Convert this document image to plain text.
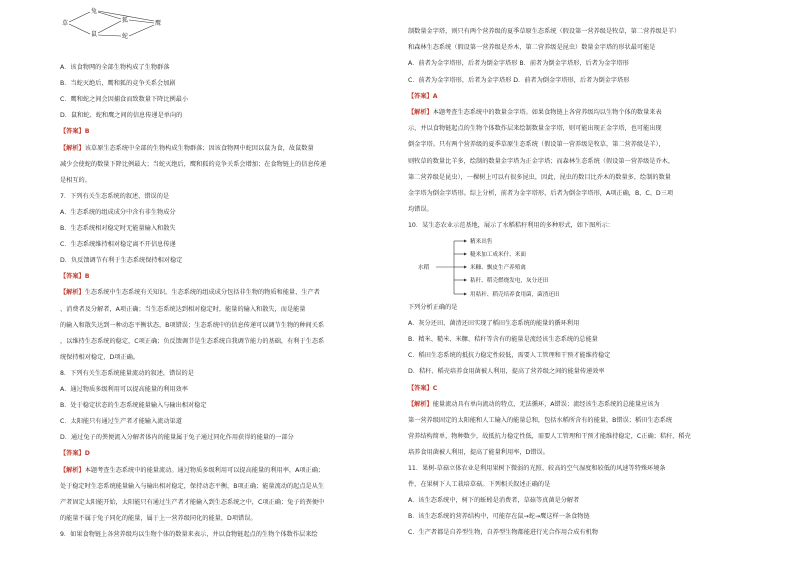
草
兔
鼠
狐
蛇
鹰
A．该食物网的全部生物构成了生物群落
B．当蛇灭绝后，鹰和狐的竞争关系会加剧
C．鹰和蛇之间会因捕食而致数量下降比例最小
D．鼠和蛇、蛇和鹰之间的信息传递是单向的
【答案】B
【解析】该草原生态系统中全部的生物构成生物群落；因该食物网中蛇因以鼠为食，故鼠数量
减少会使蛇的数量下降比例最大；当蛇灭绝后，鹰和狐的竞争关系会增加；在食物链上的信息传递
是相互的。
7．下列有关生态系统的叙述，错误的是
A．生态系统的组成成分中含有非生物成分
B．生态系统相对稳定时无能量输入和散失
C．生态系统维持相对稳定离不开信息传递
D．负反馈调节有利于生态系统保持相对稳定
【答案】B
【解析】生态系统中生态系统有关知识。生态系统的组成成分包括非生物的物质和能量、生产者
、消费者及分解者，A项正确；当生态系统达到相对稳定时，能量的输入和散失，而是能量
的输入和散失达到一种动态平衡状态，B项错误；生态系统中的信息传递可以调节生物的种间关系
，以维持生态系统的稳定，C项正确；负反馈调节是生态系统自我调节能力的基础，有利于生态系
统保持相对稳定，D项正确。
8．下列有关生态系统能量流动的叙述，错误的是
A．通过物质多级利用可以提高能量的利用效率
B．处于稳定状态的生态系统能量输入与输出相对稳定
C．太阳能只有通过生产者才能输入流动渠道
D．通过兔子的粪便流入分解者体内的能量属于兔子通过同化作用获得的能量的一部分
【答案】D
【解析】本题考查生态系统中的能量流动。通过物质多级利用可以提高能量的利用率，A项正确；
处于稳定时生态系统能量输入与输出相对稳定，保持动态平衡，B项正确；能量流动的起点是从生
产者固定太阳能开始，太阳能只有通过生产者才能输入到生态系统之中，C项正确；兔子的粪便中
的能量不属于兔子同化的能量，属于上一营养级同化的能量，D项错误。
9．如果食物链上各营养级均以生物个体的数量来表示，并以食物链起点的生物个体数作层来绘
制数量金字塔，则只有两个营养级的夏季草原生态系统（假设第一营养级是牧草，第二营养级是羊）
和森林生态系统（假设第一营养级是乔木，第二营养级是昆虫）数量金字塔的形状最可能是
A．前者为金字塔形，后者为倒金字塔形 B．前者为倒金字塔形，后者为金字塔形
C．前者为金字塔形，后者为金字塔形 D．前者为倒金字塔形，后者为倒金字塔形
【答案】A
【解析】本题考查生态系统中的数量金字塔。如果食物链上各营养级均以生物个体的数量来表
示，并以食物链起点的生物个体数作层来绘制数量金字塔，则可能出现正金字塔，也可能出现
倒金字塔。只有两个营养级的夏季草原生态系统（假设第一营养级是牧草，第二营养级是羊），
则牧草的数量比羊多，绘制的数量金字塔为正金字塔；而森林生态系统（假设第一营养级是乔木，
第二营养级是昆虫），一棵树上可以有很多昆虫，因此，昆虫的数目比乔木的数量多，绘制的数量
金字塔为倒金字塔形。综上分析，前者为金字塔形，后者为倒金字塔形，A项正确，B、C、D三项
均错误。
10．某生态农业示范基地，展示了水稻秸秆利用的多种形式，如下图所示：
水稻
精米出售
糙米加工成米什、米面
米糠、飘皮生产养殖禽
秸秆、稻壳燃烧发电，灰分还田
用秸秆、稻壳培养食用菌，菌渣还田
下列分析正确的是
A．灰分还田、菌渣还田实现了稻田生态系统的能量的循环利用
B．精米、糙米、米糠、秸秆等含有的能量是流经该生态系统的总能量
C．稻田生态系统的抵抗力稳定性较低，需要人工管理和干预才能维持稳定
D．秸秆、稻壳培养食用菌被人利用，提高了营养级之间的能量传递效率
【答案】C
【解析】能量流动具有单向流动的特点，无法循环，A错误；流经该生态系统的总能量应该为
第一营养级固定的太阳能和人工输入的能量总和，包括水稻所含有的能量，B错误；稻田生态系统
营养结构简单，物种数少，故抵抗力稳定性低，需要人工管理和干预才能维持稳定，C正确；秸秆、稻壳
培养食用菌被人利用，提高了能量利用率，D错误。
11．果树-草菇立体农业是利用果树下微弱的光照、较高的空气湿度和较低的风速等特殊环境条
件，在果树下人工栽培草菇。下列相关叙述正确的是
A．该生态系统中，树下的蚯蚓是消费者，草菇等真菌是分解者
B．该生态系统的营养结构中，可能存在鼠→蛇→鹰这样一条食物链
C．生产者都是自养型生物，自养型生物都能进行光合作用合成有机物
